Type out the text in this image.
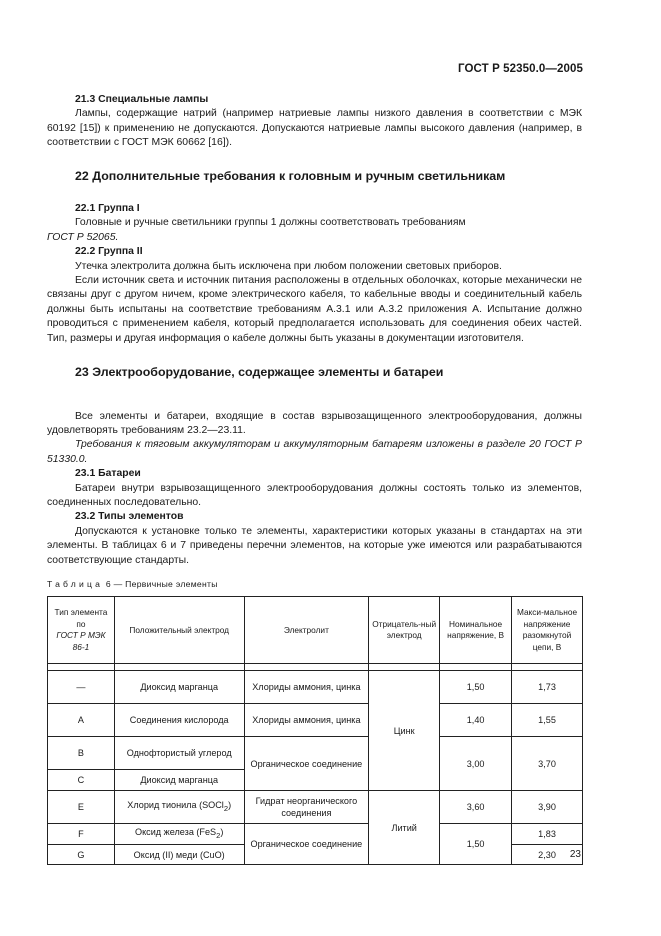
ГОСТ Р 52350.0—2005

21.3 Специальные лампы

Лампы, содержащие натрий (например натриевые лампы низкого давления в соответствии с МЭК 60192 [15]) к применению не допускаются. Допускаются натриевые лампы высокого давления (например, в соответствии с ГОСТ МЭК 60662 [16]).

22 Дополнительные требования к головным и ручным светильникам

22.1 Группа I

Головные и ручные светильники группы 1 должны соответствовать требованиям

ГОСТ Р 52065.

22.2 Группа II

Утечка электролита должна быть исключена при любом положении световых приборов.

Если источник света и источник питания расположены в отдельных оболочках, которые механически не связаны друг с другом ничем, кроме электрического кабеля, то кабельные вводы и соединительный кабель должны быть испытаны на соответствие требованиям А.3.1 или А.3.2 приложения А. Испытание должно проводиться с применением кабеля, который предполагается использовать для соединения обеих частей. Тип, размеры и другая информация о кабеле должны быть указаны в документации изготовителя.

23 Электрооборудование, содержащее элементы и батареи

Все элементы и батареи, входящие в состав взрывозащищенного электрооборудования, должны удовлетворять требованиям 23.2—23.11.

Требования к тяговым аккумуляторам и аккумуляторным батареям изложены в разделе 20 ГОСТ Р 51330.0.

23.1 Батареи

Батареи внутри взрывозащищенного электрооборудования должны состоять только из элементов, соединенных последовательно.

23.2 Типы элементов

Допускаются к установке только те элементы, характеристики которых указаны в стандартах на эти элементы. В таблицах 6 и 7 приведены перечни элементов, на которые уже имеются или разрабатываются соответствующие стандарты.

Таблица 6 — Первичные элементы
Тип элемента по
ГОСТ Р МЭК 86-1	Положительный электрод	Электролит	Отрицатель-ный электрод	Номинальное напряжение, В	Макси-мальное напряжение разомкнутой цепи, В

—	Диоксид марганца	Хлориды аммония, цинка	Цинк	1,50	1,73
A	Соединения кислорода	Хлориды аммония, цинка		1,40	1,55
B	Однофтористый углерод	Органическое соединение		3,00	3,70
C	Диоксид марганца				
E	Хлорид тионила (SOCl$_2$)	Гидрат неорганического соединения	Литий	3,60	3,90
F	Оксид железа (FeS$_2$)	Органическое соединение		1,50	1,83
G	Оксид (II) меди (CuO)				2,30 23
